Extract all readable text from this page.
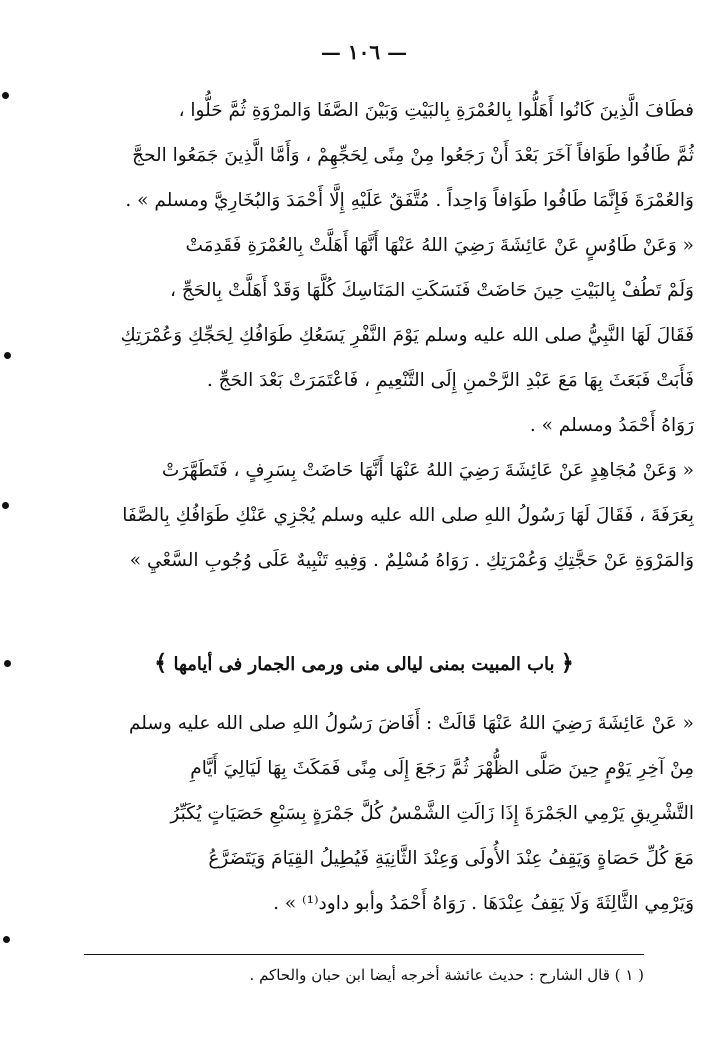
— ١٠٦ —

فطَافَ الَّذِينَ كَانُوا أَهَلُّوا بِالعُمْرَةِ بِالبَيْتِ وَبَيْنَ الصَّفَا وَالمرْوَةِ ثُمَّ حَلُّوا ،
ثُمَّ طَافُوا طَوَافاً آخَرَ بَعْدَ أَنْ رَجَعُوا مِنْ مِنًى لِحَجِّهِمْ ، وَأَمَّا الَّذِينَ جَمَعُوا الحجَّ
وَالعُمْرَةَ فَإِنَّمَا طَافُوا طَوَافاً وَاحِداً . مُتَّفَقٌ عَلَيْهِ إِلَّا أَحْمَدَ وَالبُخَارِيَّ ومسلم » .

« وَعَنْ طَاوُسٍ عَنْ عَائِشَةَ رَضِيَ اللهُ عَنْهَا أَنَّهَا أَهَلَّتْ بِالعُمْرَةِ فَقَدِمَتْ
وَلَمْ تَطُفْ بِالبَيْتِ حِينَ حَاضَتْ فَنَسَكَتِ المَنَاسِكَ كُلَّهَا وَقَدْ أَهَلَّتْ بِالحَجِّ ،
فَقَالَ لَهَا النَّبِيُّ صلى الله عليه وسلم يَوْمَ النَّفْرِ يَسَعُكِ طَوَافُكِ لِحَجِّكِ وَعُمْرَتِكِ
فَأَبَتْ فَبَعَثَ بِهَا مَعَ عَبْدِ الرَّحْمنِ إِلَى التَّنْعِيمِ ، فَاعْتَمَرَتْ بَعْدَ الحَجِّ .
رَوَاهُ أَحْمَدُ ومسلم » .

« وَعَنْ مُجَاهِدٍ عَنْ عَائِشَةَ رَضِيَ اللهُ عَنْهَا أَنَّهَا حَاضَتْ بِسَرِفٍ ، فَتَطَهَّرَتْ
بِعَرَفَةَ ، فَقَالَ لَهَا رَسُولُ اللهِ صلى الله عليه وسلم يُجْزِي عَنْكِ طَوَافُكِ بِالصَّفَا
وَالمَرْوَةِ عَنْ حَجَّتِكِ وَعُمْرَتِكِ . رَوَاهُ مُسْلِمٌ . وَفِيهِ تَنْبِيهٌ عَلَى وُجُوبِ السَّعْيِ »

﴿ باب المبيت بمنى ليالى منى ورمى الجمار فى أيامها ﴾
« عَنْ عَائِشَةَ رَضِيَ اللهُ عَنْهَا قَالَتْ : أَفَاضَ رَسُولُ اللهِ صلى الله عليه وسلم
مِنْ آخِرِ يَوْمٍ حِينَ صَلَّى الظُّهْرَ ثُمَّ رَجَعَ إِلَى مِنًى فَمَكَثَ بِهَا لَيَالِيَ أَيَّامِ
التَّشْرِيقِ يَرْمِي الجَمْرَةَ إِذَا زَالَتِ الشَّمْسُ كُلَّ جَمْرَةٍ بِسَبْعِ حَصَيَاتٍ يُكَبِّرُ
مَعَ كُلِّ حَصَاةٍ وَيَقِفُ عِنْدَ الأُولَى وَعِنْدَ الثَّانِيَةِ فَيُطِيلُ القِيَامَ وَيَتَضَرَّعُ
وَيَرْمِي الثَّالِثَةَ وَلَا يَقِفُ عِنْدَهَا . رَوَاهُ أَحْمَدُ وأبو داود⁽¹⁾ » .
( ١ ) قال الشارح : حديث عائشة أخرجه أيضا ابن حبان والحاكم .
